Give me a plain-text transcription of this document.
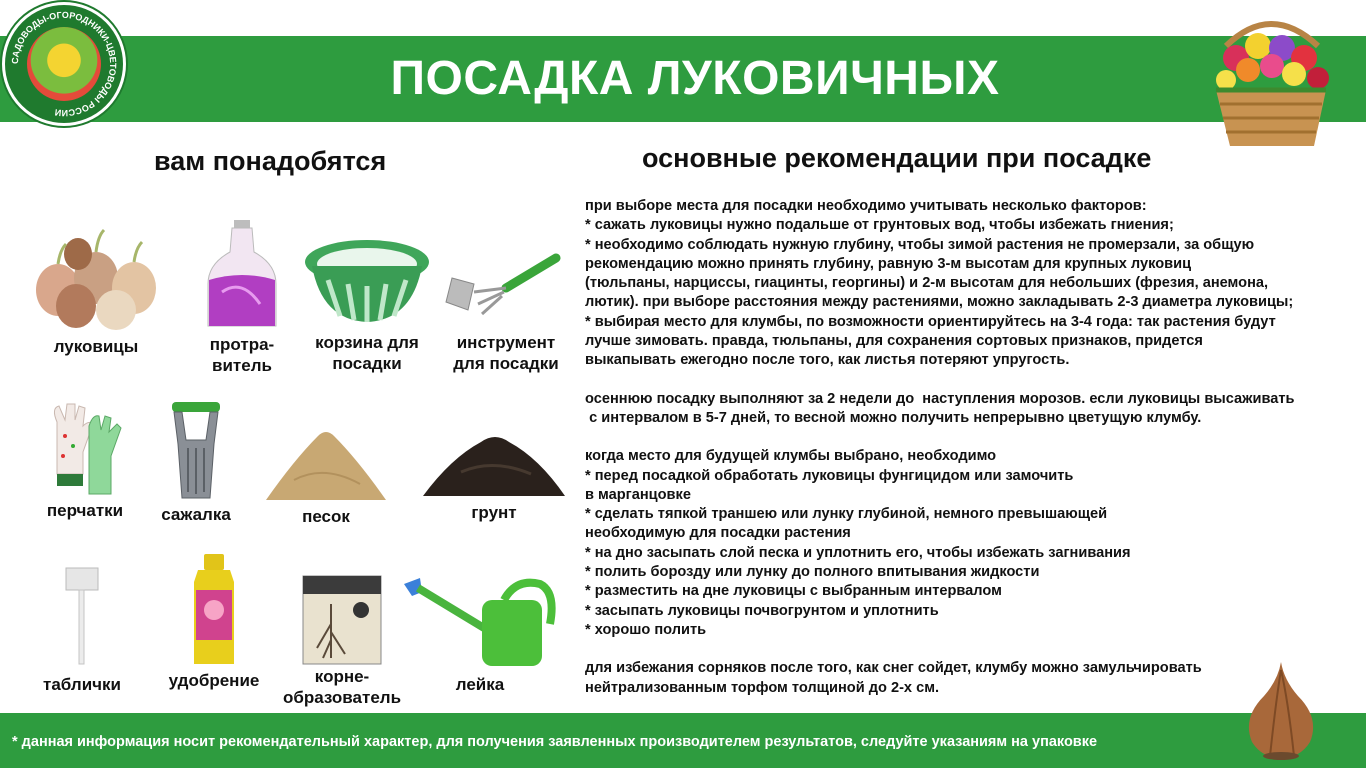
ПОСАДКА ЛУКОВИЧНЫХ
САДОВОДЫ-ОГОРОДНИКИ-ЦВЕТОВОДЫ РОССИИ
вам понадобятся
луковицы	протра-
витель
корзина для
посадки
инструмент
для посадки
перчатки	сажалка	песок	грунт
таблички	удобрение	корне-
образователь
лейка
основные рекомендации при посадке

при выборе места для посадки необходимо учитывать несколько факторов:
* сажать луковицы нужно подальше от грунтовых вод, чтобы избежать гниения;
* необходимо соблюдать нужную глубину, чтобы зимой растения не промерзали, за общую
рекомендацию можно принять глубину, равную 3-м высотам для крупных луковиц
(тюльпаны, нарциссы, гиацинты, георгины) и 2-м высотам для небольших (фрезия, анемона,
лютик). при выборе расстояния между растениями, можно закладывать 2-3 диаметра луковицы;
* выбирая место для клумбы, по возможности ориентируйтесь на 3-4 года: так растения будут
лучше зимовать. правда, тюльпаны, для сохранения сортовых признаков, придется
выкапывать ежегодно после того, как листья потеряют упругость.

осеннюю посадку выполняют за 2 недели до  наступления морозов. если луковицы высаживать
с интервалом в 5-7 дней, то весной можно получить непрерывно цветущую клумбу.

когда место для будущей клумбы выбрано, необходимо
* перед посадкой обработать луковицы фунгицидом или замочить
в марганцовке
* сделать тяпкой траншею или лунку глубиной, немного превышающей
необходимую для посадки растения
* на дно засыпать слой песка и уплотнить его, чтобы избежать загнивания
* полить борозду или лунку до полного впитывания жидкости
* разместить на дне луковицы с выбранным интервалом
* засыпать луковицы почвогрунтом и уплотнить
* хорошо полить

для избежания сорняков после того, как снег сойдет, клумбу можно замульчировать
нейтрализованным торфом толщиной до 2-х см.

* данная информация носит рекомендательный характер, для получения заявленных производителем результатов, следуйте указаниям на упаковке
